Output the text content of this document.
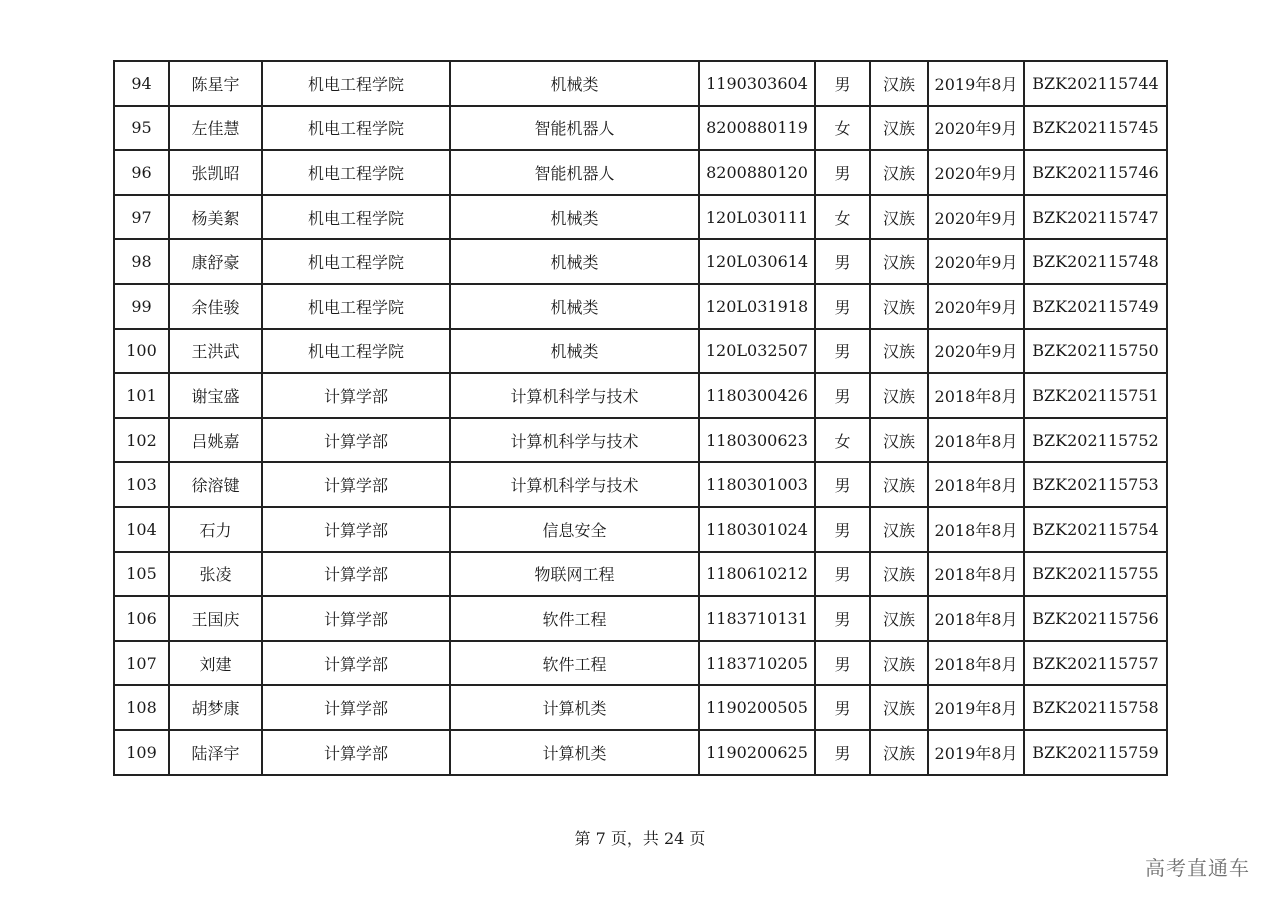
94	陈星宇	机电工程学院	机械类	1190303604	男	汉族	2019年8月	BZK202115744
95	左佳慧	机电工程学院	智能机器人	8200880119	女	汉族	2020年9月	BZK202115745
96	张凯昭	机电工程学院	智能机器人	8200880120	男	汉族	2020年9月	BZK202115746
97	杨美絮	机电工程学院	机械类	120L030111	女	汉族	2020年9月	BZK202115747
98	康舒豪	机电工程学院	机械类	120L030614	男	汉族	2020年9月	BZK202115748
99	余佳骏	机电工程学院	机械类	120L031918	男	汉族	2020年9月	BZK202115749
100	王洪武	机电工程学院	机械类	120L032507	男	汉族	2020年9月	BZK202115750
101	谢宝盛	计算学部	计算机科学与技术	1180300426	男	汉族	2018年8月	BZK202115751
102	吕姚嘉	计算学部	计算机科学与技术	1180300623	女	汉族	2018年8月	BZK202115752
103	徐溶键	计算学部	计算机科学与技术	1180301003	男	汉族	2018年8月	BZK202115753
104	石力	计算学部	信息安全	1180301024	男	汉族	2018年8月	BZK202115754
105	张凌	计算学部	物联网工程	1180610212	男	汉族	2018年8月	BZK202115755
106	王国庆	计算学部	软件工程	1183710131	男	汉族	2018年8月	BZK202115756
107	刘建	计算学部	软件工程	1183710205	男	汉族	2018年8月	BZK202115757
108	胡梦康	计算学部	计算机类	1190200505	男	汉族	2019年8月	BZK202115758
109	陆泽宇	计算学部	计算机类	1190200625	男	汉族	2019年8月	BZK202115759
第 7 页，共 24 页
高考直通车
